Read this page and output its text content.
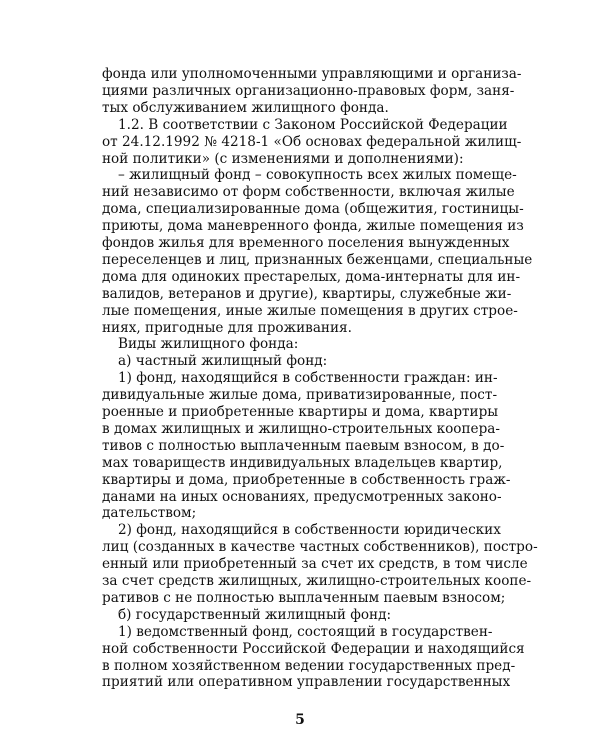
фонда или уполномоченными управляющими и организа-
циями различных организационно-правовых форм, заня-
тых обслуживанием жилищного фонда.
1.2. В соответствии с Законом Российской Федерации
от 24.12.1992 № 4218-1 «Об основах федеральной жилищ-
ной политики» (с изменениями и дополнениями):
– жилищный фонд – совокупность всех жилых помеще-
ний независимо от форм собственности, включая жилые
дома, специализированные дома (общежития, гостиницы-
приюты, дома маневренного фонда, жилые помещения из
фондов жилья для временного поселения вынужденных
переселенцев и лиц, признанных беженцами, специальные
дома для одиноких престарелых, дома-интернаты для ин-
валидов, ветеранов и другие), квартиры, служебные жи-
лые помещения, иные жилые помещения в других строе-
ниях, пригодные для проживания.
Виды жилищного фонда:
а) частный жилищный фонд:
1) фонд, находящийся в собственности граждан: ин-
дивидуальные жилые дома, приватизированные, пост-
роенные и приобретенные квартиры и дома, квартиры
в домах жилищных и жилищно-строительных коопера-
тивов с полностью выплаченным паевым взносом, в до-
мах товариществ индивидуальных владельцев квартир,
квартиры и дома, приобретенные в собственность граж-
данами на иных основаниях, предусмотренных законо-
дательством;
2) фонд, находящийся в собственности юридических
лиц (созданных в качестве частных собственников), постро-
енный или приобретенный за счет их средств, в том числе
за счет средств жилищных, жилищно-строительных коопе-
ративов с не полностью выплаченным паевым взносом;
б) государственный жилищный фонд:
1) ведомственный фонд, состоящий в государствен-
ной собственности Российской Федерации и находящийся
в полном хозяйственном ведении государственных пред-
приятий или оперативном управлении государственных
5
